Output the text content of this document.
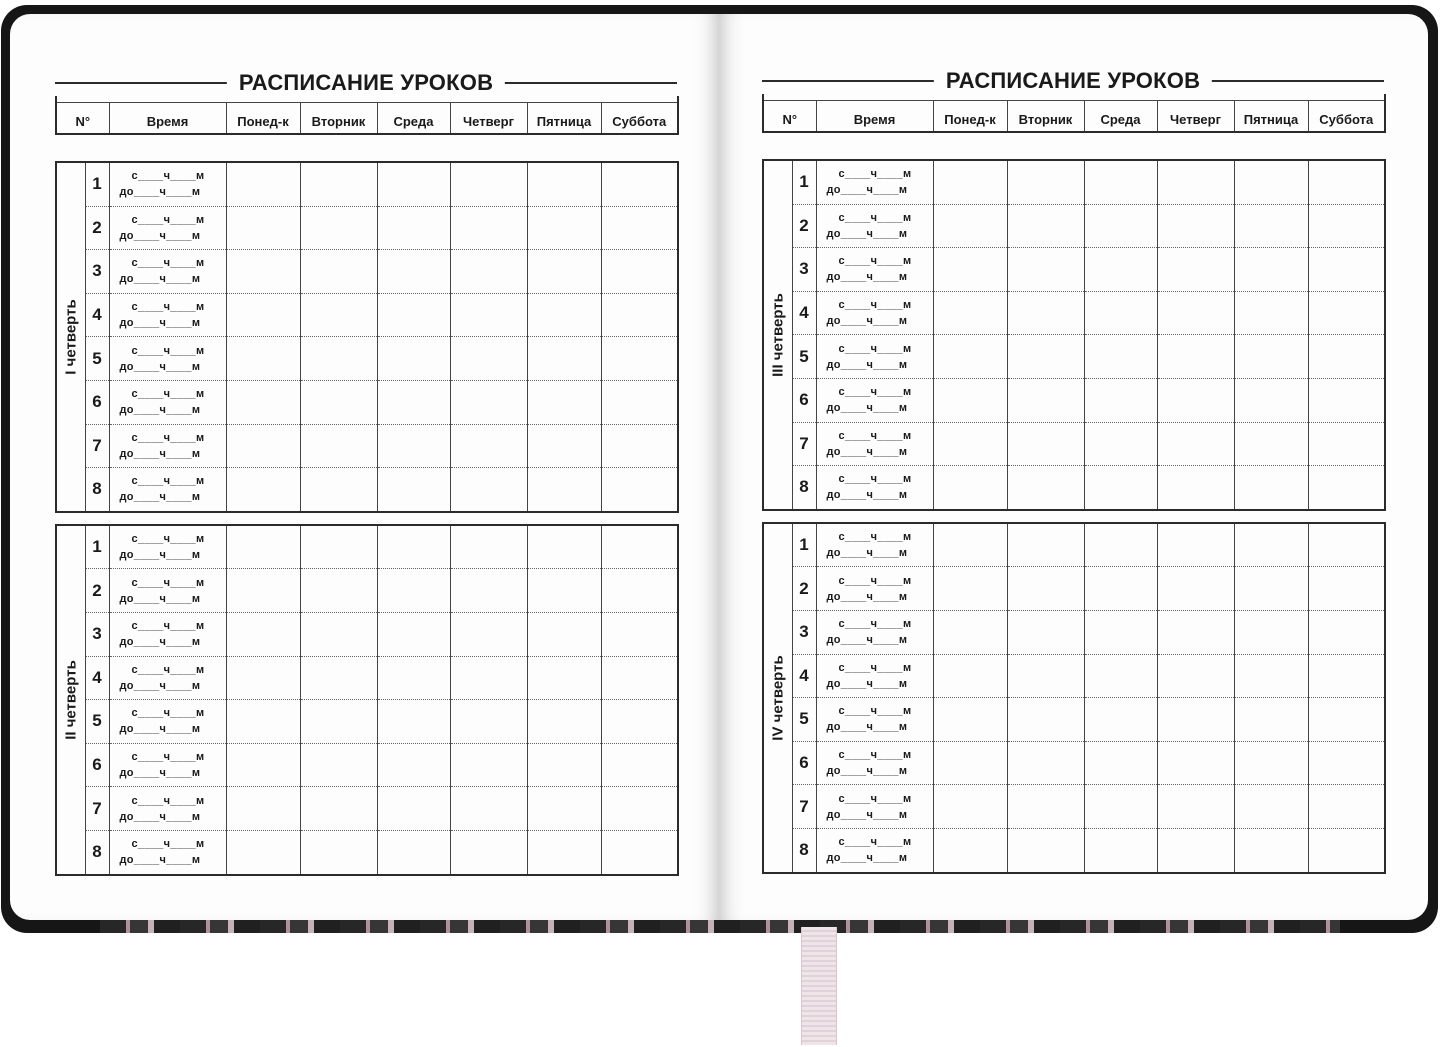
РАСПИСАНИЕ УРОКОВ

N°	Время	Понед-к	Вторник	Среда	Четверг	Пятница	Суббота
I четверть	1	с____ч____м
до____ч____м						

	2	с____ч____м
до____ч____м						

	3	с____ч____м
до____ч____м						

	4	с____ч____м
до____ч____м						

	5	с____ч____м
до____ч____м						

	6	с____ч____м
до____ч____м						

	7	с____ч____м
до____ч____м						

	8	с____ч____м
до____ч____м						

II четверть	1	с____ч____м
до____ч____м						

	2	с____ч____м
до____ч____м						

	3	с____ч____м
до____ч____м						

	4	с____ч____м
до____ч____м						

	5	с____ч____м
до____ч____м						

	6	с____ч____м
до____ч____м						

	7	с____ч____м
до____ч____м						

	8	с____ч____м
до____ч____м						

РАСПИСАНИЕ УРОКОВ

N°	Время	Понед-к	Вторник	Среда	Четверг	Пятница	Суббота
III четверть	1	с____ч____м
до____ч____м						

	2	с____ч____м
до____ч____м						

	3	с____ч____м
до____ч____м						

	4	с____ч____м
до____ч____м						

	5	с____ч____м
до____ч____м						

	6	с____ч____м
до____ч____м						

	7	с____ч____м
до____ч____м						

	8	с____ч____м
до____ч____м						

IV четверть	1	с____ч____м
до____ч____м						

	2	с____ч____м
до____ч____м						

	3	с____ч____м
до____ч____м						

	4	с____ч____м
до____ч____м						

	5	с____ч____м
до____ч____м						

	6	с____ч____м
до____ч____м						

	7	с____ч____м
до____ч____м						

	8	с____ч____м
до____ч____м						
